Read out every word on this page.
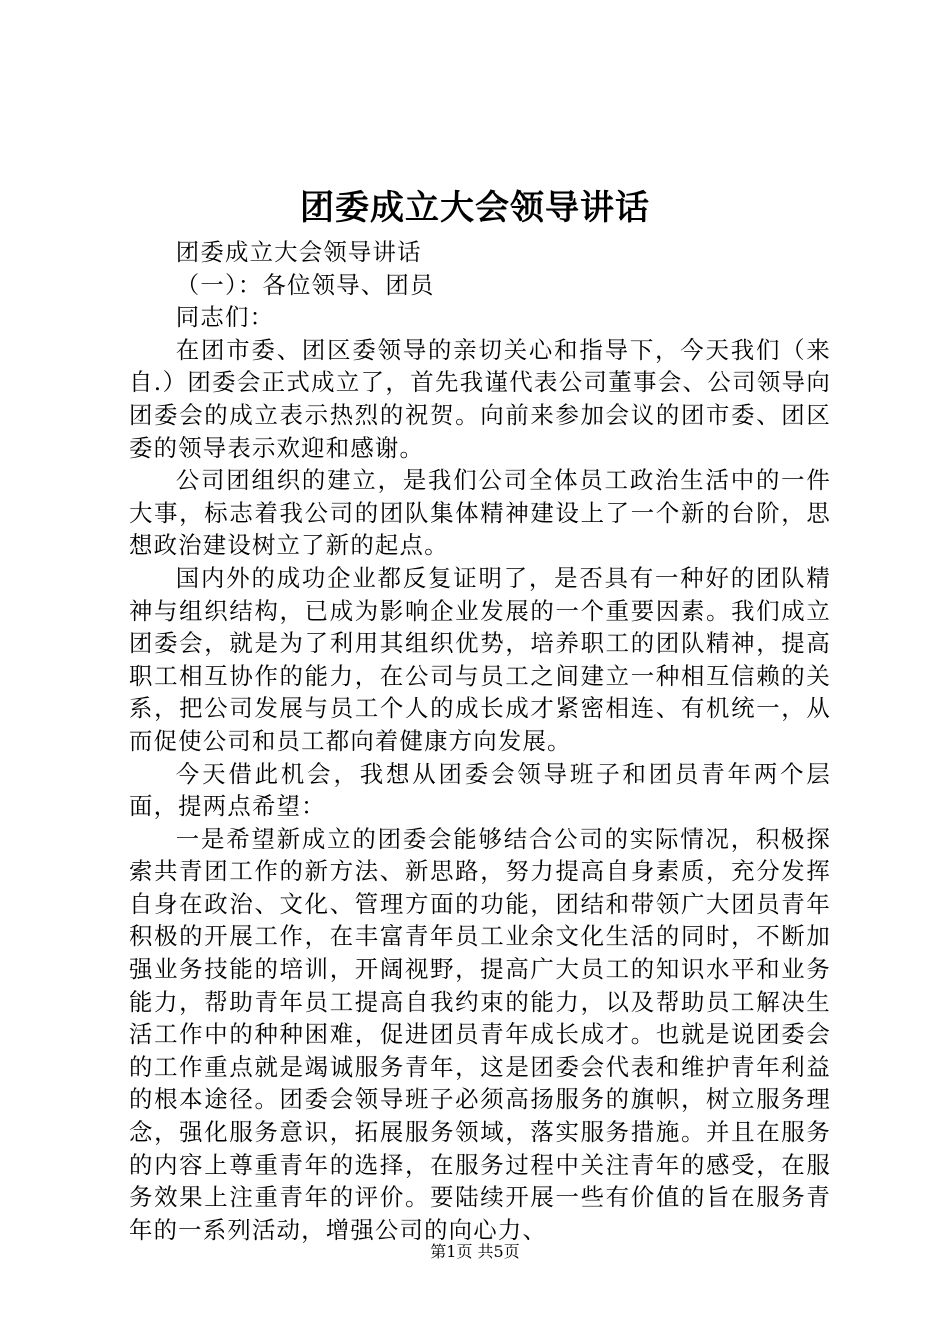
团委成立大会领导讲话

团委成立大会领导讲话

（一）：各位领导、团员

同志们：

在团市委、团区委领导的亲切关心和指导下，今天我们（来自.）团委会正式成立了，首先我谨代表公司董事会、公司领导向团委会的成立表示热烈的祝贺。向前来参加会议的团市委、团区委的领导表示欢迎和感谢。

公司团组织的建立，是我们公司全体员工政治生活中的一件大事，标志着我公司的团队集体精神建设上了一个新的台阶，思想政治建设树立了新的起点。

国内外的成功企业都反复证明了，是否具有一种好的团队精神与组织结构，已成为影响企业发展的一个重要因素。我们成立团委会，就是为了利用其组织优势，培养职工的团队精神，提高职工相互协作的能力，在公司与员工之间建立一种相互信赖的关系，把公司发展与员工个人的成长成才紧密相连、有机统一，从而促使公司和员工都向着健康方向发展。

今天借此机会，我想从团委会领导班子和团员青年两个层面，提两点希望：

一是希望新成立的团委会能够结合公司的实际情况，积极探索共青团工作的新方法、新思路，努力提高自身素质，充分发挥自身在政治、文化、管理方面的功能，团结和带领广大团员青年积极的开展工作，在丰富青年员工业余文化生活的同时，不断加强业务技能的培训，开阔视野，提高广大员工的知识水平和业务能力，帮助青年员工提高自我约束的能力，以及帮助员工解决生活工作中的种种困难，促进团员青年成长成才。也就是说团委会的工作重点就是竭诚服务青年，这是团委会代表和维护青年利益的根本途径。团委会领导班子必须高扬服务的旗帜，树立服务理念，强化服务意识，拓展服务领域，落实服务措施。并且在服务的内容上尊重青年的选择，在服务过程中关注青年的感受，在服务效果上注重青年的评价。要陆续开展一些有价值的旨在服务青年的一系列活动，增强公司的向心力、

第1页 共5页
